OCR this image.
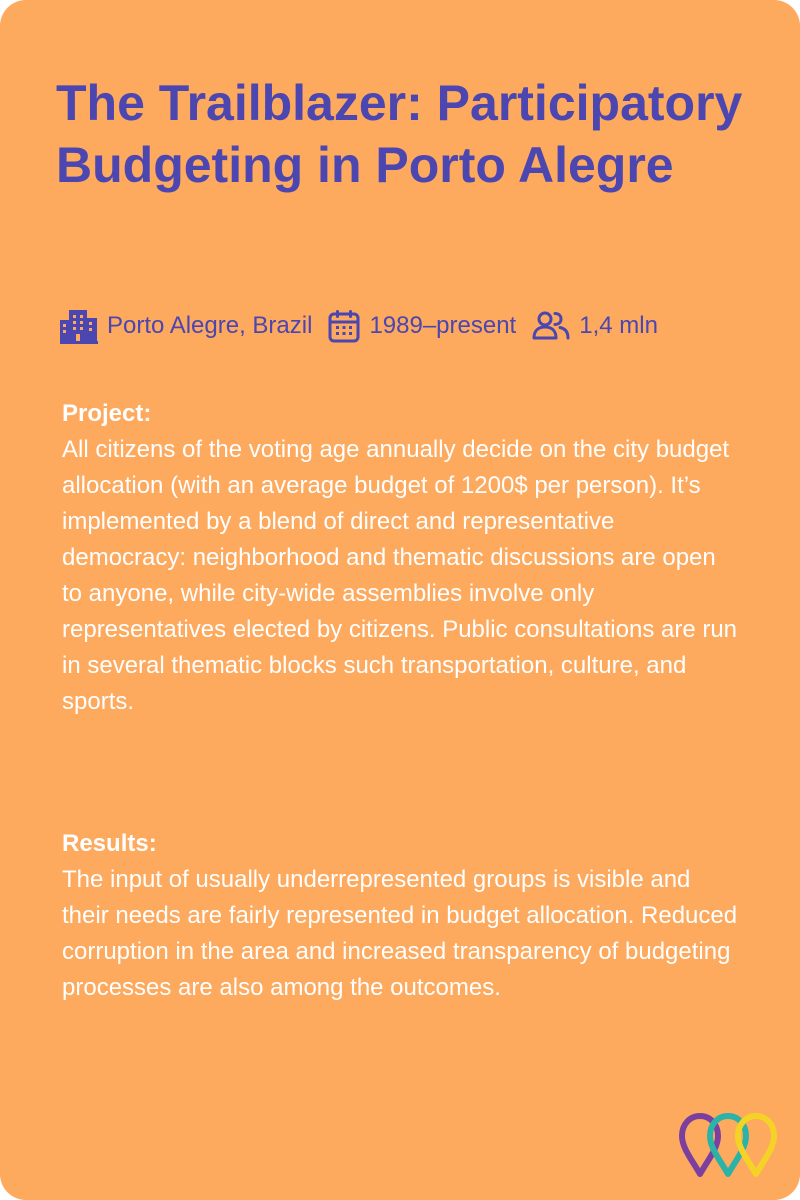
The Trailblazer: Participatory Budgeting in Porto Alegre
Porto Alegre, Brazil 1989–present	1,4 mln
Project:
All citizens of the voting age annually decide on the city budget allocation (with an average budget of 1200$ per person). It’s implemented by a blend of direct and representative democracy: neighborhood and thematic discussions are open to anyone, while city-wide assemblies involve only representatives elected by citizens. Public consultations are run in several thematic blocks such transportation, culture, and sports.
Results:
The input of usually underrepresented groups is visible and their needs are fairly represented in budget allocation. Reduced corruption in the area and increased transparency of budgeting processes are also among the outcomes.
